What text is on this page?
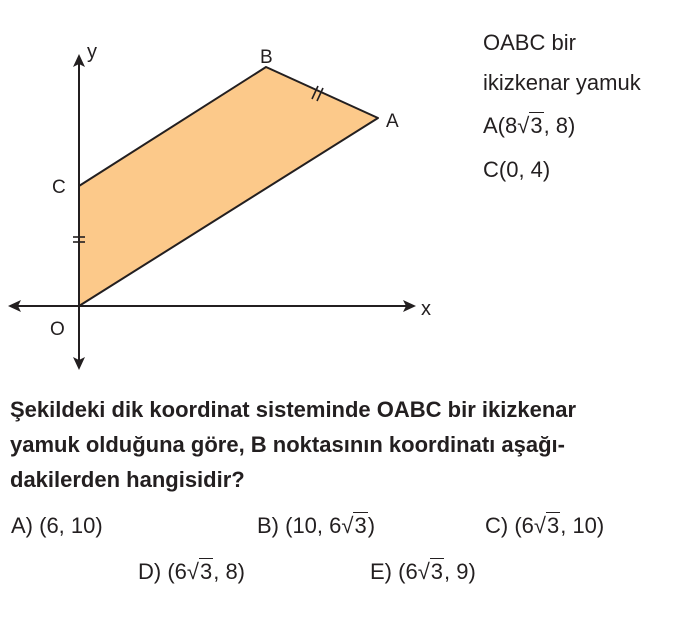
y
x
B
A
C
O
OABC bir
ikizkenar yamuk
A(8√3, 8)
C(0, 4)
Şekildeki dik koordinat sisteminde OABC bir ikizkenar
yamuk olduğuna göre, B noktasının koordinatı aşağı-
dakilerden hangisidir?
A) (6, 10)	B) (10, 6√3)	C) (6√3, 10)
D) (6√3, 8)	E) (6√3, 9)
